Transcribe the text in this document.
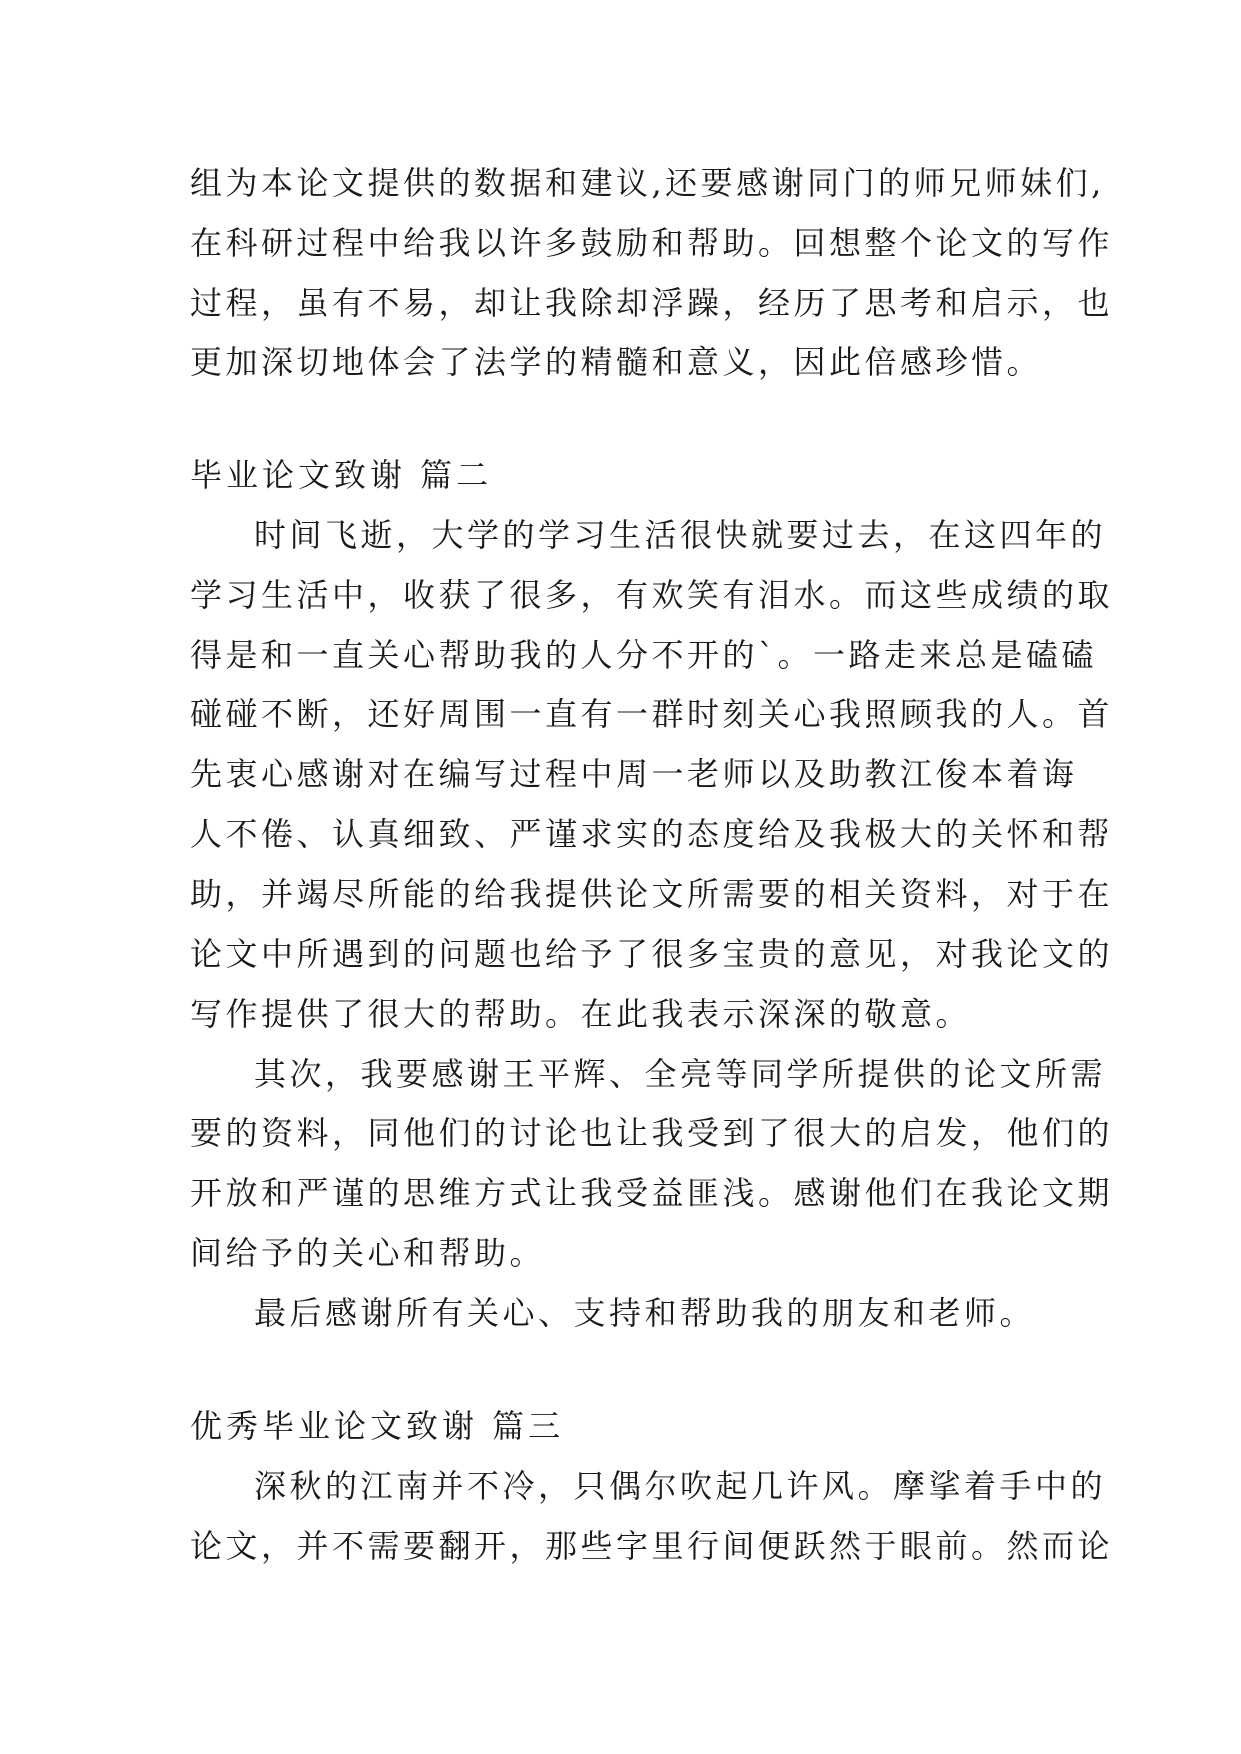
组为本论文提供的数据和建议,还要感谢同门的师兄师妹们,
在科研过程中给我以许多鼓励和帮助。回想整个论文的写作
过程，虽有不易，却让我除却浮躁，经历了思考和启示，也
更加深切地体会了法学的精髓和意义，因此倍感珍惜。
毕业论文致谢 篇二
时间飞逝，大学的学习生活很快就要过去，在这四年的
学习生活中，收获了很多，有欢笑有泪水。而这些成绩的取
得是和一直关心帮助我的人分不开的`。一路走来总是磕磕
碰碰不断，还好周围一直有一群时刻关心我照顾我的人。首
先衷心感谢对在编写过程中周一老师以及助教江俊本着诲
人不倦、认真细致、严谨求实的态度给及我极大的关怀和帮
助，并竭尽所能的给我提供论文所需要的相关资料，对于在
论文中所遇到的问题也给予了很多宝贵的意见，对我论文的
写作提供了很大的帮助。在此我表示深深的敬意。
其次，我要感谢王平辉、全亮等同学所提供的论文所需
要的资料，同他们的讨论也让我受到了很大的启发，他们的
开放和严谨的思维方式让我受益匪浅。感谢他们在我论文期
间给予的关心和帮助。
最后感谢所有关心、支持和帮助我的朋友和老师。
优秀毕业论文致谢 篇三
深秋的江南并不冷，只偶尔吹起几许风。摩挲着手中的
论文，并不需要翻开，那些字里行间便跃然于眼前。然而论
